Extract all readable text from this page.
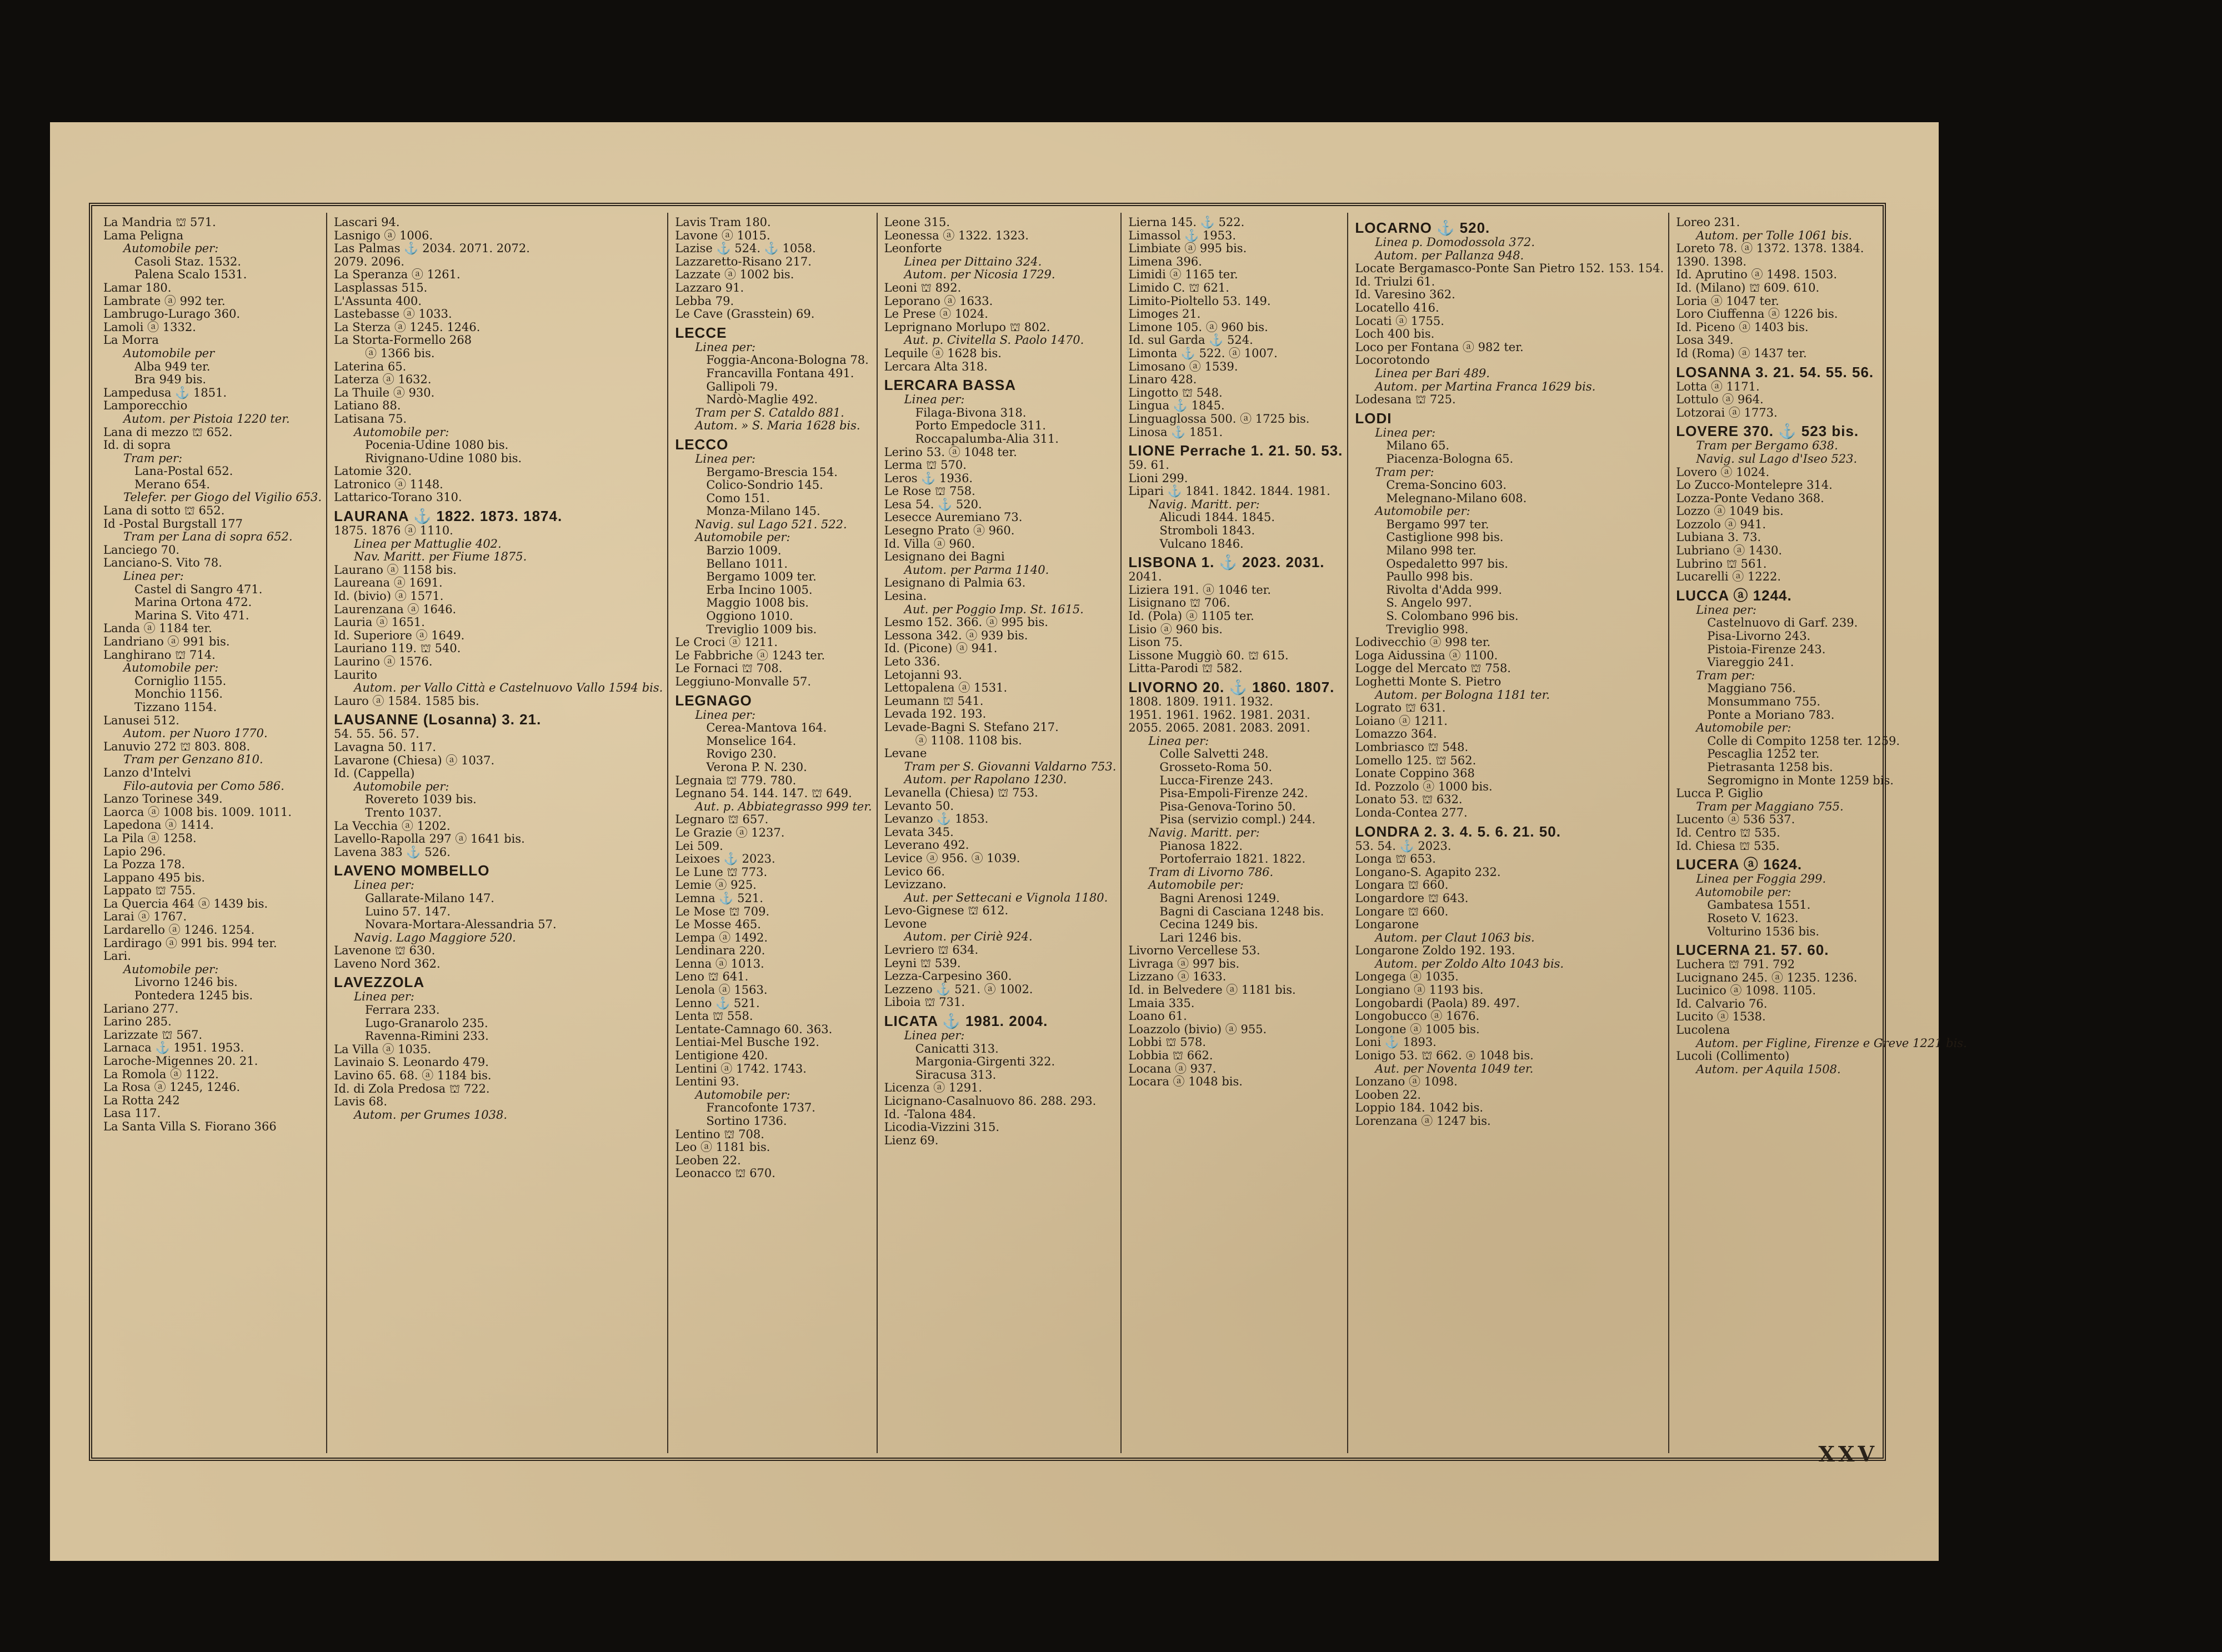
La Mandria ⛫ 571.
Lama Peligna
Automobile per:
Casoli Staz. 1532.
Palena Scalo 1531.
Lamar 180.
Lambrate ⓐ 992 ter.
Lambrugo-Lurago 360.
Lamoli ⓐ 1332.
La Morra
Automobile per
Alba 949 ter.
Bra 949 bis.
Lampedusa ⚓ 1851.
Lamporecchio
Autom. per Pistoia 1220 ter.
Lana di mezzo ⛫ 652.
Id. di sopra
Tram per:
Lana-Postal 652.
Merano 654.
Telefer. per Giogo del Vigilio 653.
Lana di sotto ⛫ 652.
Id -Postal Burgstall 177
Tram per Lana di sopra 652.
Lanciego 70.
Lanciano-S. Vito 78.
Linea per:
Castel di Sangro 471.
Marina Ortona 472.
Marina S. Vito 471.
Landa ⓐ 1184 ter.
Landriano ⓐ 991 bis.
Langhirano ⛫ 714.
Automobile per:
Corniglio 1155.
Monchio 1156.
Tizzano 1154.
Lanusei 512.
Autom. per Nuoro 1770.
Lanuvio 272 ⛫ 803. 808.
Tram per Genzano 810.
Lanzo d'Intelvi
Filo-autovia per Como 586.
Lanzo Torinese 349.
Laorca ⓐ 1008 bis. 1009. 1011.
Lapedona ⓐ 1414.
La Pila ⓐ 1258.
Lapio 296.
La Pozza 178.
Lappano 495 bis.
Lappato ⛫ 755.
La Quercia 464 ⓐ 1439 bis.
Larai ⓐ 1767.
Lardarello ⓐ 1246. 1254.
Lardirago ⓐ 991 bis. 994 ter.
Lari.
Automobile per:
Livorno 1246 bis.
Pontedera 1245 bis.
Lariano 277.
Larino 285.
Larizzate ⛫ 567.
Larnaca ⚓ 1951. 1953.
Laroche-Migennes 20. 21.
La Romola ⓐ 1122.
La Rosa ⓐ 1245, 1246.
La Rotta 242
Lasa 117.
La Santa Villa S. Fiorano 366
Lascari 94.
Lasnigo ⓐ 1006.
Las Palmas ⚓ 2034. 2071. 2072.
2079. 2096.
La Speranza ⓐ 1261.
Lasplassas 515.
L'Assunta 400.
Lastebasse ⓐ 1033.
La Sterza ⓐ 1245. 1246.
La Storta-Formello 268
ⓐ 1366 bis.
Laterina 65.
Laterza ⓐ 1632.
La Thuile ⓐ 930.
Latiano 88.
Latisana 75.
Automobile per:
Pocenia-Udine 1080 bis.
Rivignano-Udine 1080 bis.
Latomie 320.
Latronico ⓐ 1148.
Lattarico-Torano 310.
LAURANA ⚓ 1822. 1873. 1874.
1875. 1876 ⓐ 1110.
Linea per Mattuglie 402.
Nav. Maritt. per Fiume 1875.
Laurano ⓐ 1158 bis.
Laureana ⓐ 1691.
Id. (bivio) ⓐ 1571.
Laurenzana ⓐ 1646.
Lauria ⓐ 1651.
Id. Superiore ⓐ 1649.
Lauriano 119. ⛫ 540.
Laurino ⓐ 1576.
Laurito
Autom. per Vallo Città e Castelnuovo Vallo 1594 bis.
Lauro ⓐ 1584. 1585 bis.
LAUSANNE (Losanna) 3. 21.
54. 55. 56. 57.
Lavagna 50. 117.
Lavarone (Chiesa) ⓐ 1037.
Id. (Cappella)
Automobile per:
Rovereto 1039 bis.
Trento 1037.
La Vecchia ⓐ 1202.
Lavello-Rapolla 297 ⓐ 1641 bis.
Lavena 383 ⚓ 526.
LAVENO MOMBELLO
Linea per:
Gallarate-Milano 147.
Luino 57. 147.
Novara-Mortara-Alessandria 57.
Navig. Lago Maggiore 520.
Lavenone ⛫ 630.
Laveno Nord 362.
LAVEZZOLA
Linea per:
Ferrara 233.
Lugo-Granarolo 235.
Ravenna-Rimini 233.
La Villa ⓐ 1035.
Lavinaio S. Leonardo 479.
Lavino 65. 68. ⓐ 1184 bis.
Id. di Zola Predosa ⛫ 722.
Lavis 68.
Autom. per Grumes 1038.
Lavis Tram 180.
Lavone ⓐ 1015.
Lazise ⚓ 524. ⚓ 1058.
Lazzaretto-Risano 217.
Lazzate ⓐ 1002 bis.
Lazzaro 91.
Lebba 79.
Le Cave (Grasstein) 69.
LECCE
Linea per:
Foggia-Ancona-Bologna 78.
Francavilla Fontana 491.
Gallipoli 79.
Nardò-Maglie 492.
Tram per S. Cataldo 881.
Autom. » S. Maria 1628 bis.
LECCO
Linea per:
Bergamo-Brescia 154.
Colico-Sondrio 145.
Como 151.
Monza-Milano 145.
Navig. sul Lago 521. 522.
Automobile per:
Barzio 1009.
Bellano 1011.
Bergamo 1009 ter.
Erba Incino 1005.
Maggio 1008 bis.
Oggiono 1010.
Treviglio 1009 bis.
Le Croci ⓐ 1211.
Le Fabbriche ⓐ 1243 ter.
Le Fornaci ⛫ 708.
Leggiuno-Monvalle 57.
LEGNAGO
Linea per:
Cerea-Mantova 164.
Monselice 164.
Rovigo 230.
Verona P. N. 230.
Legnaia ⛫ 779. 780.
Legnano 54. 144. 147. ⛫ 649.
Aut. p. Abbiategrasso 999 ter.
Legnaro ⛫ 657.
Le Grazie ⓐ 1237.
Lei 509.
Leixoes ⚓ 2023.
Le Lune ⛫ 773.
Lemie ⓐ 925.
Lemna ⚓ 521.
Le Mose ⛫ 709.
Le Mosse 465.
Lempa ⓐ 1492.
Lendinara 220.
Lenna ⓐ 1013.
Leno ⛫ 641.
Lenola ⓐ 1563.
Lenno ⚓ 521.
Lenta ⛫ 558.
Lentate-Camnago 60. 363.
Lentiai-Mel Busche 192.
Lentigione 420.
Lentini ⓐ 1742. 1743.
Lentini 93.
Automobile per:
Francofonte 1737.
Sortino 1736.
Lentino ⛫ 708.
Leo ⓐ 1181 bis.
Leoben 22.
Leonacco ⛫ 670.
Leone 315.
Leonessa ⓐ 1322. 1323.
Leonforte
Linea per Dittaino 324.
Autom. per Nicosia 1729.
Leoni ⛫ 892.
Leporano ⓐ 1633.
Le Prese ⓐ 1024.
Leprignano Morlupo ⛫ 802.
Aut. p. Civitella S. Paolo 1470.
Lequile ⓐ 1628 bis.
Lercara Alta 318.
LERCARA BASSA
Linea per:
Filaga-Bivona 318.
Porto Empedocle 311.
Roccapalumba-Alia 311.
Lerino 53. ⓐ 1048 ter.
Lerma ⛫ 570.
Leros ⚓ 1936.
Le Rose ⛫ 758.
Lesa 54. ⚓ 520.
Lesecce Auremiano 73.
Lesegno Prato ⓐ 960.
Id. Villa ⓐ 960.
Lesignano dei Bagni
Autom. per Parma 1140.
Lesignano di Palmia 63.
Lesina.
Aut. per Poggio Imp. St. 1615.
Lesmo 152. 366. ⓐ 995 bis.
Lessona 342. ⓐ 939 bis.
Id. (Picone) ⓐ 941.
Leto 336.
Letojanni 93.
Lettopalena ⓐ 1531.
Leumann ⛫ 541.
Levada 192. 193.
Levade-Bagni S. Stefano 217.
ⓐ 1108. 1108 bis.
Levane
Tram per S. Giovanni Valdarno 753.
Autom. per Rapolano 1230.
Levanella (Chiesa) ⛫ 753.
Levanto 50.
Levanzo ⚓ 1853.
Levata 345.
Leverano 492.
Levice ⓐ 956. ⓐ 1039.
Levico 66.
Levizzano.
Aut. per Settecani e Vignola 1180.
Levo-Gignese ⛫ 612.
Levone
Autom. per Ciriè 924.
Levriero ⛫ 634.
Leyni ⛫ 539.
Lezza-Carpesino 360.
Lezzeno ⚓ 521. ⓐ 1002.
Liboia ⛫ 731.
LICATA ⚓ 1981. 2004.
Linea per:
Canicatti 313.
Margonia-Girgenti 322.
Siracusa 313.
Licenza ⓐ 1291.
Licignano-Casalnuovo 86. 288. 293.
Id. -Talona 484.
Licodia-Vizzini 315.
Lienz 69.
Lierna 145. ⚓ 522.
Limassol ⚓ 1953.
Limbiate ⓐ 995 bis.
Limena 396.
Limidi ⓐ 1165 ter.
Limido C. ⛫ 621.
Limito-Pioltello 53. 149.
Limoges 21.
Limone 105. ⓐ 960 bis.
Id. sul Garda ⚓ 524.
Limonta ⚓ 522. ⓐ 1007.
Limosano ⓐ 1539.
Linaro 428.
Lingotto ⛫ 548.
Lingua ⚓ 1845.
Linguaglossa 500. ⓐ 1725 bis.
Linosa ⚓ 1851.
LIONE Perrache 1. 21. 50. 53.
59. 61.
Lioni 299.
Lipari ⚓ 1841. 1842. 1844. 1981.
Navig. Maritt. per:
Alicudi 1844. 1845.
Stromboli 1843.
Vulcano 1846.
LISBONA 1. ⚓ 2023. 2031.
2041.
Liziera 191. ⓐ 1046 ter.
Lisignano ⛫ 706.
Id. (Pola) ⓐ 1105 ter.
Lisio ⓐ 960 bis.
Lison 75.
Lissone Muggiò 60. ⛫ 615.
Litta-Parodi ⛫ 582.
LIVORNO 20. ⚓ 1860. 1807.
1808. 1809. 1911. 1932.
1951. 1961. 1962. 1981. 2031.
2055. 2065. 2081. 2083. 2091.
Linea per:
Colle Salvetti 248.
Grosseto-Roma 50.
Lucca-Firenze 243.
Pisa-Empoli-Firenze 242.
Pisa-Genova-Torino 50.
Pisa (servizio compl.) 244.
Navig. Maritt. per:
Pianosa 1822.
Portoferraio 1821. 1822.
Tram di Livorno 786.
Automobile per:
Bagni Arenosi 1249.
Bagni di Casciana 1248 bis.
Cecina 1249 bis.
Lari 1246 bis.
Livorno Vercellese 53.
Livraga ⓐ 997 bis.
Lizzano ⓐ 1633.
Id. in Belvedere ⓐ 1181 bis.
Lmaia 335.
Loano 61.
Loazzolo (bivio) ⓐ 955.
Lobbi ⛫ 578.
Lobbia ⛫ 662.
Locana ⓐ 937.
Locara ⓐ 1048 bis.
LOCARNO ⚓ 520.
Linea p. Domodossola 372.
Autom. per Pallanza 948.
Locate Bergamasco-Ponte San Pietro 152. 153. 154.
Id. Triulzi 61.
Id. Varesino 362.
Locatello 416.
Locati ⓐ 1755.
Loch 400 bis.
Loco per Fontana ⓐ 982 ter.
Locorotondo
Linea per Bari 489.
Autom. per Martina Franca 1629 bis.
Lodesana ⛫ 725.
LODI
Linea per:
Milano 65.
Piacenza-Bologna 65.
Tram per:
Crema-Soncino 603.
Melegnano-Milano 608.
Automobile per:
Bergamo 997 ter.
Castiglione 998 bis.
Milano 998 ter.
Ospedaletto 997 bis.
Paullo 998 bis.
Rivolta d'Adda 999.
S. Angelo 997.
S. Colombano 996 bis.
Treviglio 998.
Lodivecchio ⓐ 998 ter.
Loga Aidussina ⓐ 1100.
Logge del Mercato ⛫ 758.
Loghetti Monte S. Pietro
Autom. per Bologna 1181 ter.
Lograto ⛫ 631.
Loiano ⓐ 1211.
Lomazzo 364.
Lombriasco ⛫ 548.
Lomello 125. ⛫ 562.
Lonate Coppino 368
Id. Pozzolo ⓐ 1000 bis.
Lonato 53. ⛫ 632.
Londa-Contea 277.
LONDRA 2. 3. 4. 5. 6. 21. 50.
53. 54. ⚓ 2023.
Longa ⛫ 653.
Longano-S. Agapito 232.
Longara ⛫ 660.
Longardore ⛫ 643.
Longare ⛫ 660.
Longarone
Autom. per Claut 1063 bis.
Longarone Zoldo 192. 193.
Autom. per Zoldo Alto 1043 bis.
Longega ⓐ 1035.
Longiano ⓐ 1193 bis.
Longobardi (Paola) 89. 497.
Longobucco ⓐ 1676.
Longone ⓐ 1005 bis.
Loni ⚓ 1893.
Lonigo 53. ⛫ 662. ⓐ 1048 bis.
Aut. per Noventa 1049 ter.
Lonzano ⓐ 1098.
Looben 22.
Loppio 184. 1042 bis.
Lorenzana ⓐ 1247 bis.
Loreo 231.
Autom. per Tolle 1061 bis.
Loreto 78. ⓐ 1372. 1378. 1384.
1390. 1398.
Id. Aprutino ⓐ 1498. 1503.
Id. (Milano) ⛫ 609. 610.
Loria ⓐ 1047 ter.
Loro Ciuffenna ⓐ 1226 bis.
Id. Piceno ⓐ 1403 bis.
Losa 349.
Id (Roma) ⓐ 1437 ter.
LOSANNA 3. 21. 54. 55. 56.
Lotta ⓐ 1171.
Lottulo ⓐ 964.
Lotzorai ⓐ 1773.
LOVERE 370. ⚓ 523 bis.
Tram per Bergamo 638.
Navig. sul Lago d'Iseo 523.
Lovero ⓐ 1024.
Lo Zucco-Montelepre 314.
Lozza-Ponte Vedano 368.
Lozzo ⓐ 1049 bis.
Lozzolo ⓐ 941.
Lubiana 3. 73.
Lubriano ⓐ 1430.
Lubrino ⛫ 561.
Lucarelli ⓐ 1222.
LUCCA ⓐ 1244.
Linea per:
Castelnuovo di Garf. 239.
Pisa-Livorno 243.
Pistoia-Firenze 243.
Viareggio 241.
Tram per:
Maggiano 756.
Monsummano 755.
Ponte a Moriano 783.
Automobile per:
Colle di Compito 1258 ter. 1259.
Pescaglia 1252 ter.
Pietrasanta 1258 bis.
Segromigno in Monte 1259 bis.
Lucca P. Giglio
Tram per Maggiano 755.
Lucento ⓐ 536 537.
Id. Centro ⛫ 535.
Id. Chiesa ⛫ 535.
LUCERA ⓐ 1624.
Linea per Foggia 299.
Automobile per:
Gambatesa 1551.
Roseto V. 1623.
Volturino 1536 bis.
LUCERNA 21. 57. 60.
Luchera ⛫ 791. 792
Lucignano 245. ⓐ 1235. 1236.
Lucinico ⓐ 1098. 1105.
Id. Calvario 76.
Lucito ⓐ 1538.
Lucolena
Autom. per Figline, Firenze e Greve 1221 bis.
Lucoli (Collimento)
Autom. per Aquila 1508.
XXV
